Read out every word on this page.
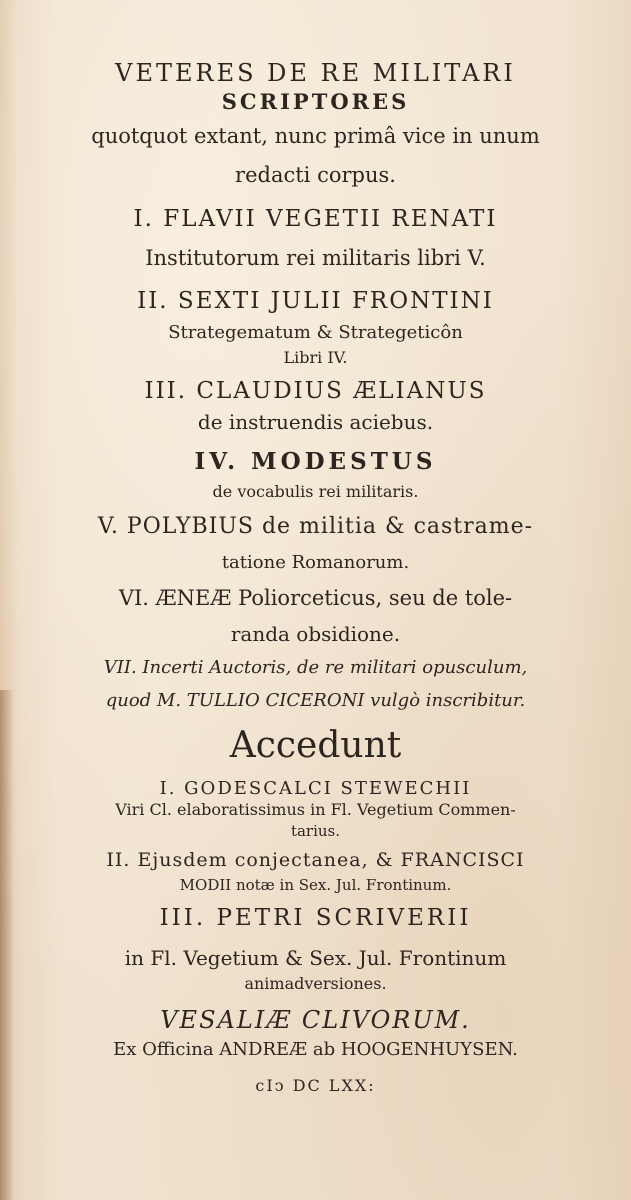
VETERES DE RE MILITARI
SCRIPTORES
quotquot extant, nunc primâ vice in unum
redacti corpus.
I. FLAVII VEGETII RENATI
Institutorum rei militaris libri V.
II. SEXTI JULII FRONTINI
Strategematum & Strategeticôn
Libri IV.
III. CLAUDIUS ÆLIANUS
de instruendis aciebus.
IV. MODESTUS
de vocabulis rei militaris.
V. POLYBIUS de militia & castrame-
tatione Romanorum.
VI. ÆNEÆ Poliorceticus, seu de tole-
randa obsidione.
VII. Incerti Auctoris, de re militari opusculum,
quod M. TULLIO CICERONI vulgò inscribitur.
Accedunt
I. GODESCALCI STEWECHII
Viri Cl. elaboratissimus in Fl. Vegetium Commen-
tarius.
II. Ejusdem conjectanea, & FRANCISCI
MODII notæ in Sex. Jul. Frontinum.
III. PETRI SCRIVERII
in Fl. Vegetium & Sex. Jul. Frontinum
animadversiones.
VESALIÆ CLIVORUM.
Ex Officina ANDREÆ ab HOOGENHUYSEN.
cIↄ DC LXX:
